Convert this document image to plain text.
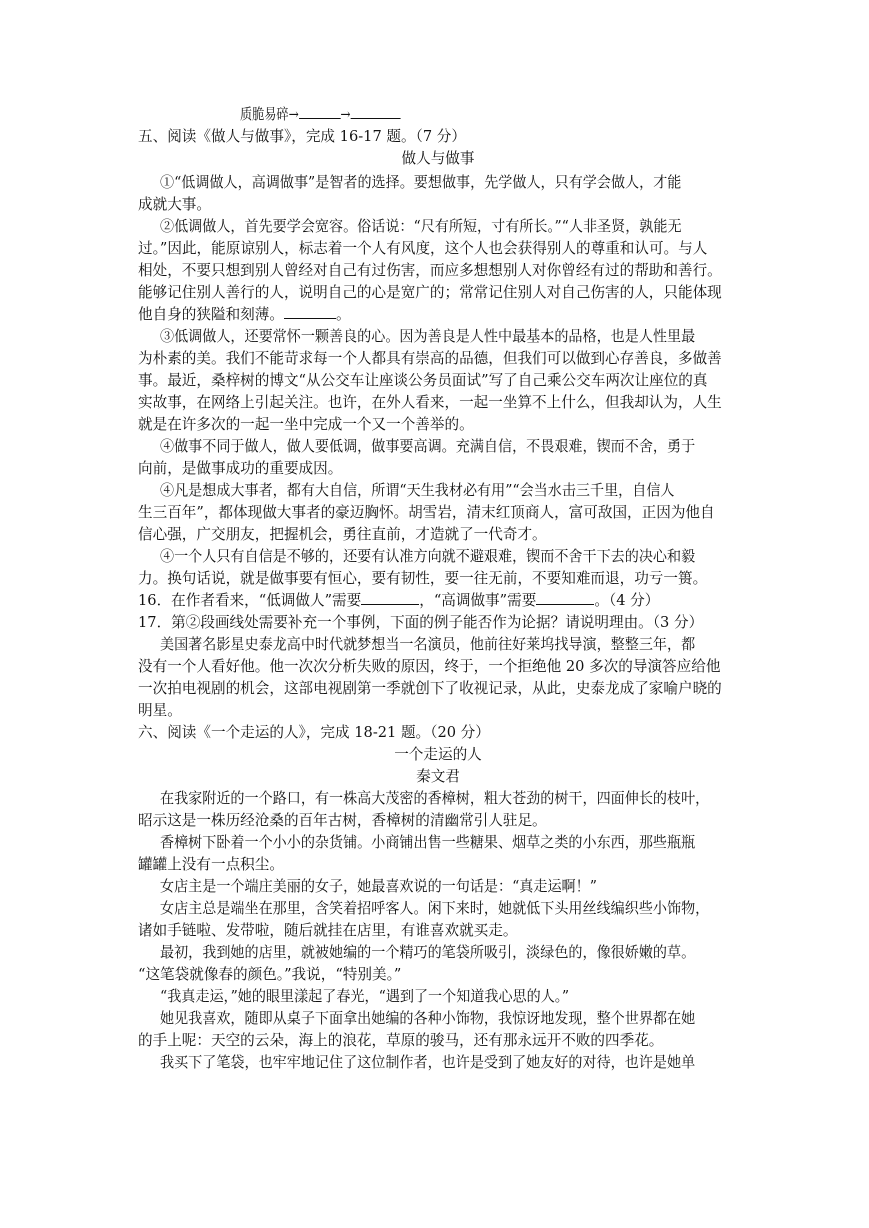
质脆易碎→	→
五、阅读《做人与做事》，完成 16-17 题。（7 分）
做人与做事
①“低调做人，高调做事”是智者的选择。要想做事，先学做人，只有学会做人，才能
成就大事。
②低调做人，首先要学会宽容。俗话说：“尺有所短，寸有所长。”“人非圣贤，孰能无
过。”因此，能原谅别人，标志着一个人有风度，这个人也会获得别人的尊重和认可。与人
相处，不要只想到别人曾经对自己有过伤害，而应多想想别人对你曾经有过的帮助和善行。
能够记住别人善行的人，说明自己的心是宽广的；常常记住别人对自己伤害的人，只能体现
他自身的狭隘和刻薄。	。
③低调做人，还要常怀一颗善良的心。因为善良是人性中最基本的品格，也是人性里最
为朴素的美。我们不能苛求每一个人都具有崇高的品德，但我们可以做到心存善良，多做善
事。最近，桑梓树的博文“从公交车让座谈公务员面试”写了自己乘公交车两次让座位的真
实故事，在网络上引起关注。也许，在外人看来，一起一坐算不上什么，但我却认为，人生
就是在许多次的一起一坐中完成一个又一个善举的。
④做事不同于做人，做人要低调，做事要高调。充满自信，不畏艰难，锲而不舍，勇于
向前，是做事成功的重要成因。
④凡是想成大事者，都有大自信，所谓“天生我材必有用”“会当水击三千里，自信人
生三百年”，都体现做大事者的豪迈胸怀。胡雪岩，清末红顶商人，富可敌国，正因为他自
信心强，广交朋友，把握机会，勇往直前，才造就了一代奇才。
④一个人只有自信是不够的，还要有认准方向就不避艰难，锲而不舍干下去的决心和毅
力。换句话说，就是做事要有恒心，要有韧性，要一往无前，不要知难而退，功亏一篑。
16．在作者看来，“低调做人”需要	，“高调做事”需要	。（4 分）
17．第②段画线处需要补充一个事例，下面的例子能否作为论据？请说明理由。（3 分）
美国著名影星史泰龙高中时代就梦想当一名演员，他前往好莱坞找导演，整整三年，都
没有一个人看好他。他一次次分析失败的原因，终于，一个拒绝他 20 多次的导演答应给他
一次拍电视剧的机会，这部电视剧第一季就创下了收视记录，从此，史泰龙成了家喻户晓的
明星。
六、阅读《一个走运的人》，完成 18-21 题。（20 分）
一个走运的人
秦文君
在我家附近的一个路口，有一株高大茂密的香樟树，粗大苍劲的树干，四面伸长的枝叶，
昭示这是一株历经沧桑的百年古树，香樟树的清幽常引人驻足。
香樟树下卧着一个小小的杂货铺。小商铺出售一些糖果、烟草之类的小东西，那些瓶瓶
罐罐上没有一点积尘。
女店主是一个端庄美丽的女子，她最喜欢说的一句话是：“真走运啊！”
女店主总是端坐在那里，含笑着招呼客人。闲下来时，她就低下头用丝线编织些小饰物，
诸如手链啦、发带啦，随后就挂在店里，有谁喜欢就买走。
最初，我到她的店里，就被她编的一个精巧的笔袋所吸引，淡绿色的，像很娇嫩的草。
“这笔袋就像春的颜色。”我说，“特别美。”
“我真走运，”她的眼里漾起了春光，“遇到了一个知道我心思的人。”
她见我喜欢，随即从桌子下面拿出她编的各种小饰物，我惊讶地发现，整个世界都在她
的手上呢：天空的云朵，海上的浪花，草原的骏马，还有那永远开不败的四季花。
我买下了笔袋，也牢牢地记住了这位制作者，也许是受到了她友好的对待，也许是她单
